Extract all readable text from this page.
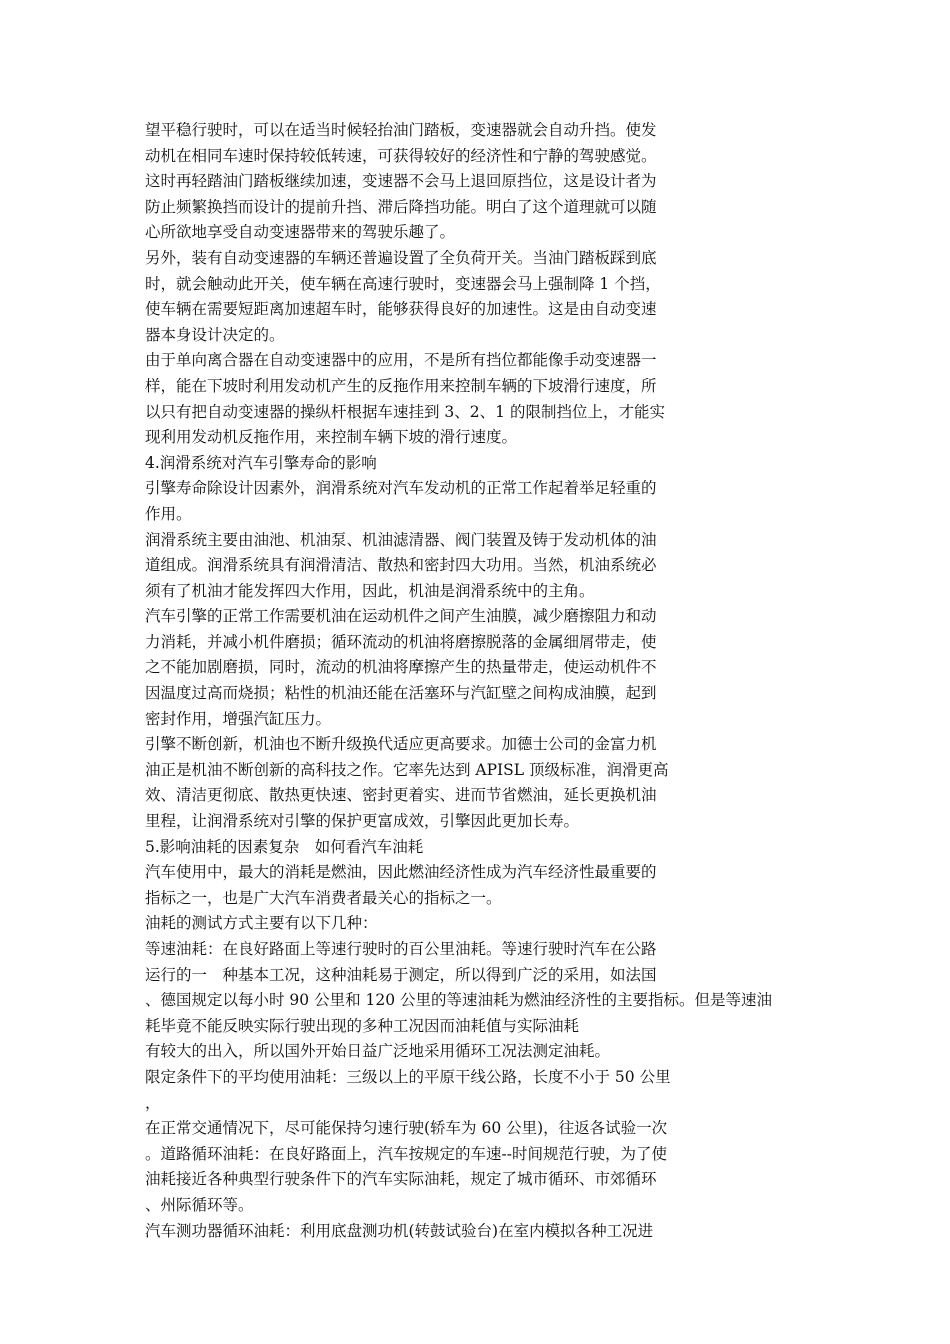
望平稳行驶时，可以在适当时候轻抬油门踏板，变速器就会自动升挡。使发
动机在相同车速时保持较低转速，可获得较好的经济性和宁静的驾驶感觉。
这时再轻踏油门踏板继续加速，变速器不会马上退回原挡位，这是设计者为
防止频繁换挡而设计的提前升挡、滞后降挡功能。明白了这个道理就可以随
心所欲地享受自动变速器带来的驾驶乐趣了。
另外，装有自动变速器的车辆还普遍设置了全负荷开关。当油门踏板踩到底
时，就会触动此开关，使车辆在高速行驶时，变速器会马上强制降 1 个挡，
使车辆在需要短距离加速超车时，能够获得良好的加速性。这是由自动变速
器本身设计决定的。
由于单向离合器在自动变速器中的应用，不是所有挡位都能像手动变速器一
样，能在下坡时利用发动机产生的反拖作用来控制车辆的下坡滑行速度，所
以只有把自动变速器的操纵杆根据车速挂到 3、2、1 的限制挡位上，才能实
现利用发动机反拖作用，来控制车辆下坡的滑行速度。
4.润滑系统对汽车引擎寿命的影响
引擎寿命除设计因素外，润滑系统对汽车发动机的正常工作起着举足轻重的
作用。
润滑系统主要由油池、机油泵、机油滤清器、阀门装置及铸于发动机体的油
道组成。润滑系统具有润滑清洁、散热和密封四大功用。当然，机油系统必
须有了机油才能发挥四大作用，因此，机油是润滑系统中的主角。
汽车引擎的正常工作需要机油在运动机件之间产生油膜，减少磨擦阻力和动
力消耗，并减小机件磨损；循环流动的机油将磨擦脱落的金属细屑带走，使
之不能加剧磨损，同时，流动的机油将摩擦产生的热量带走，使运动机件不
因温度过高而烧损；粘性的机油还能在活塞环与汽缸壁之间构成油膜，起到
密封作用，增强汽缸压力。
引擎不断创新，机油也不断升级换代适应更高要求。加德士公司的金富力机
油正是机油不断创新的高科技之作。它率先达到 APISL 顶级标准，润滑更高
效、清洁更彻底、散热更快速、密封更着实、进而节省燃油，延长更换机油
里程，让润滑系统对引擎的保护更富成效，引擎因此更加长寿。
5.影响油耗的因素复杂　如何看汽车油耗
汽车使用中，最大的消耗是燃油，因此燃油经济性成为汽车经济性最重要的
指标之一，也是广大汽车消费者最关心的指标之一。
油耗的测试方式主要有以下几种：
等速油耗：在良好路面上等速行驶时的百公里油耗。等速行驶时汽车在公路
运行的一　种基本工况，这种油耗易于测定，所以得到广泛的采用，如法国
、德国规定以每小时 90 公里和 120 公里的等速油耗为燃油经济性的主要指标。但是等速油
耗毕竟不能反映实际行驶出现的多种工况因而油耗值与实际油耗
有较大的出入，所以国外开始日益广泛地采用循环工况法测定油耗。
限定条件下的平均使用油耗：三级以上的平原干线公路，长度不小于 50 公里
，
在正常交通情况下，尽可能保持匀速行驶(轿车为 60 公里)，往返各试验一次
。道路循环油耗：在良好路面上，汽车按规定的车速--时间规范行驶，为了使
油耗接近各种典型行驶条件下的汽车实际油耗，规定了城市循环、市郊循环
、州际循环等。
汽车测功器循环油耗：利用底盘测功机(转鼓试验台)在室内模拟各种工况进
